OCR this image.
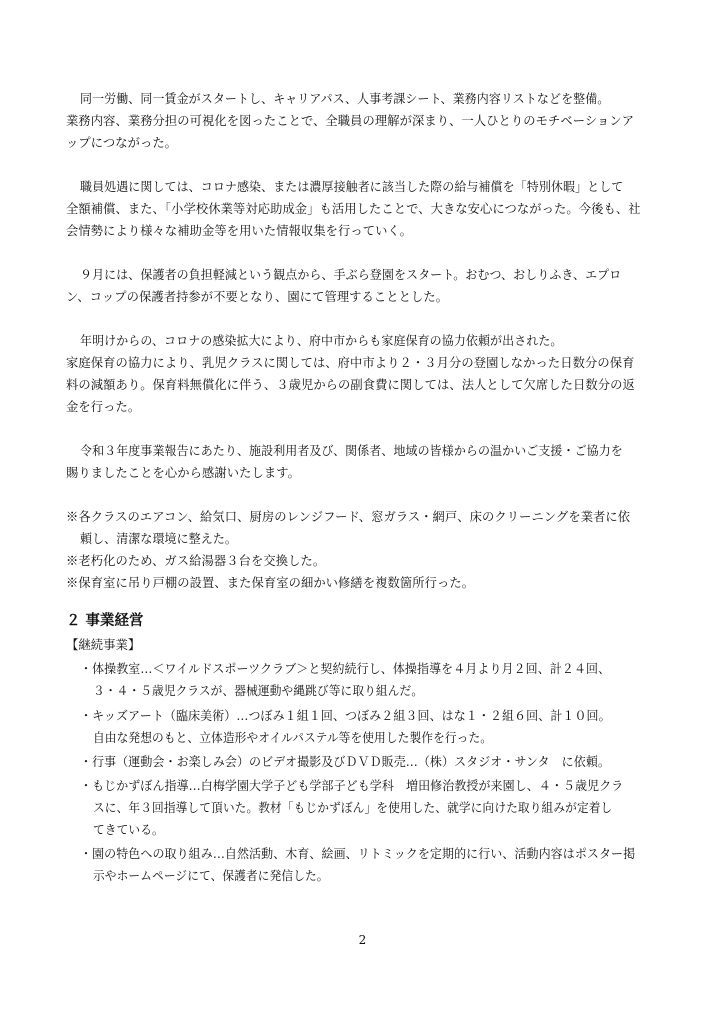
同一労働、同一賃金がスタートし、キャリアパス、人事考課シート、業務内容リストなどを整備。
業務内容、業務分担の可視化を図ったことで、全職員の理解が深まり、一人ひとりのモチベーションア
ップにつながった。
職員処遇に関しては、コロナ感染、または濃厚接触者に該当した際の給与補償を「特別休暇」として
全額補償、また、「小学校休業等対応助成金」も活用したことで、大きな安心につながった。今後も、社
会情勢により様々な補助金等を用いた情報収集を行っていく。
９月には、保護者の負担軽減という観点から、手ぶら登園をスタート。おむつ、おしりふき、エプロ
ン、コップの保護者持参が不要となり、園にて管理することとした。
年明けからの、コロナの感染拡大により、府中市からも家庭保育の協力依頼が出された。
家庭保育の協力により、乳児クラスに関しては、府中市より２・３月分の登園しなかった日数分の保育
料の減額あり。保育料無償化に伴う、３歳児からの副食費に関しては、法人として欠席した日数分の返
金を行った。
令和３年度事業報告にあたり、施設利用者及び、関係者、地域の皆様からの温かいご支援・ご協力を
賜りましたことを心から感謝いたします。
※各クラスのエアコン、給気口、厨房のレンジフード、窓ガラス・網戸、床のクリーニングを業者に依
頼し、清潔な環境に整えた。
※老朽化のため、ガス給湯器３台を交換した。
※保育室に吊り戸棚の設置、また保育室の細かい修繕を複数箇所行った。
２ 事業経営
【継続事業】
・体操教室…＜ワイルドスポーツクラブ＞と契約続行し、体操指導を４月より月２回、計２４回、
３・４・５歳児クラスが、器械運動や縄跳び等に取り組んだ。
・キッズアート（臨床美術）…つぼみ１組１回、つぼみ２組３回、はな１・２組６回、計１０回。
自由な発想のもと、立体造形やオイルパステル等を使用した製作を行った。
・行事（運動会・お楽しみ会）のビデオ撮影及びＤＶＤ販売…（株）スタジオ・サンタ　に依頼。
・もじかずぼん指導…白梅学園大学子ども学部子ども学科　増田修治教授が来園し、４・５歳児クラ
スに、年３回指導して頂いた。教材「もじかずぼん」を使用した、就学に向けた取り組みが定着し
てきている。
・園の特色への取り組み…自然活動、木育、絵画、リトミックを定期的に行い、活動内容はポスター掲
示やホームページにて、保護者に発信した。
2
